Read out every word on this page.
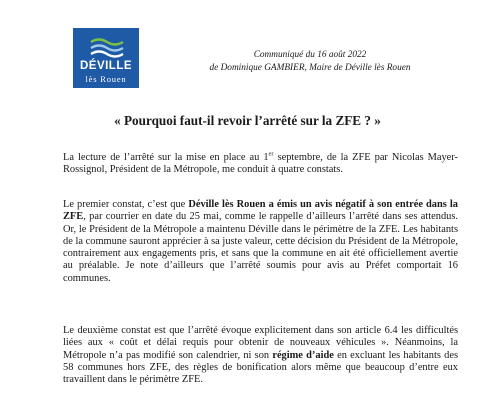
DÉVILLE
lès Rouen
Communiqué du 16 août 2022
de Dominique GAMBIER, Maire de Déville lès Rouen
« Pourquoi faut-il revoir l’arrêté sur la ZFE ? »
La lecture de l’arrêté sur la mise en place au 1er septembre, de la ZFE par Nicolas Mayer-Rossignol, Président de la Métropole, me conduit à quatre constats.
Le premier constat, c’est que Déville lès Rouen a émis un avis négatif à son entrée dans la ZFE, par courrier en date du 25 mai, comme le rappelle d’ailleurs l’arrêté dans ses attendus. Or, le Président de la Métropole a maintenu Déville dans le périmètre de la ZFE. Les habitants de la commune sauront apprécier à sa juste valeur, cette décision du Président de la Métropole, contrairement aux engagements pris, et sans que la commune en ait été officiellement avertie au préalable. Je note d’ailleurs que l’arrêté soumis pour avis au Préfet comportait 16 communes.
Le deuxième constat est que l’arrêté évoque explicitement dans son article 6.4 les difficultés liées aux « coût et délai requis pour obtenir de nouveaux véhicules ». Néanmoins, la Métropole n’a pas modifié son calendrier, ni son régime d’aide en excluant les habitants des 58 communes hors ZFE, des règles de bonification alors même que beaucoup d’entre eux travaillent dans le périmètre ZFE.
